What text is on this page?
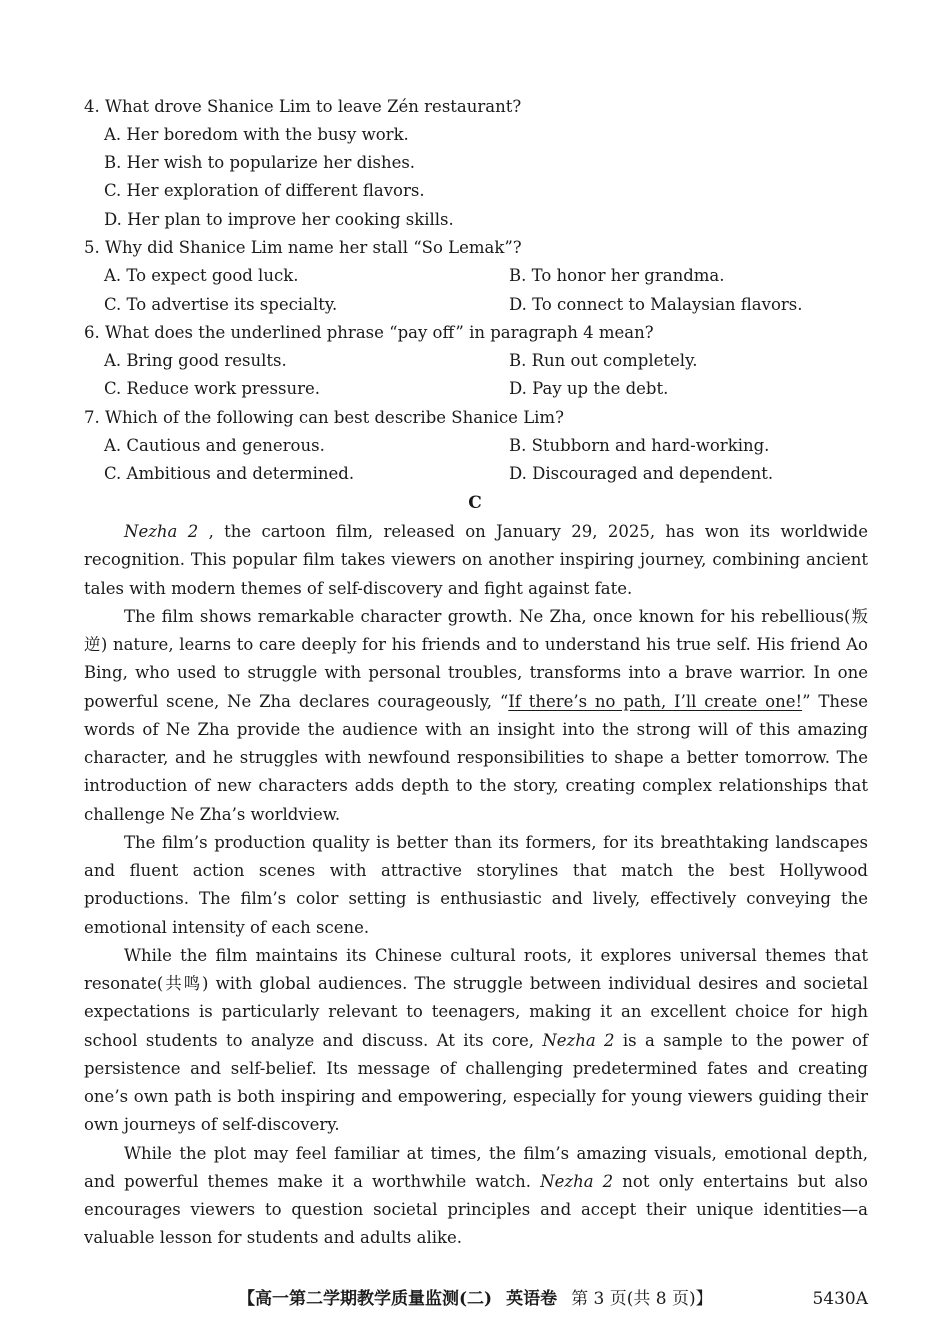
4. What drove Shanice Lim to leave Zén restaurant?
A. Her boredom with the busy work.
B. Her wish to popularize her dishes.
C. Her exploration of different flavors.
D. Her plan to improve her cooking skills.
5. Why did Shanice Lim name her stall “So Lemak”?
A. To expect good luck.	B. To honor her grandma.
C. To advertise its specialty.	D. To connect to Malaysian flavors.
6. What does the underlined phrase “pay off” in paragraph 4 mean?
A. Bring good results.	B. Run out completely.
C. Reduce work pressure.	D. Pay up the debt.
7. Which of the following can best describe Shanice Lim?
A. Cautious and generous.	B. Stubborn and hard-working.
C. Ambitious and determined.	D. Discouraged and dependent.
C

Nezha 2 , the cartoon film, released on January 29, 2025, has won its worldwide recognition. This popular film takes viewers on another inspiring journey, combining ancient tales with modern themes of self-discovery and fight against fate.

The film shows remarkable character growth. Ne Zha, once known for his rebellious(叛逆) nature, learns to care deeply for his friends and to understand his true self. His friend Ao Bing, who used to struggle with personal troubles, transforms into a brave warrior. In one powerful scene, Ne Zha declares courageously, “If there’s no path, I’ll create one!” These words of Ne Zha provide the audience with an insight into the strong will of this amazing character, and he struggles with newfound responsibilities to shape a better tomorrow. The introduction of new characters adds depth to the story, creating complex relationships that challenge Ne Zha’s worldview.

The film’s production quality is better than its formers, for its breathtaking landscapes and fluent action scenes with attractive storylines that match the best Hollywood productions. The film’s color setting is enthusiastic and lively, effectively conveying the emotional intensity of each scene.

While the film maintains its Chinese cultural roots, it explores universal themes that resonate(共鸣) with global audiences. The struggle between individual desires and societal expectations is particularly relevant to teenagers, making it an excellent choice for high school students to analyze and discuss. At its core, Nezha 2 is a sample to the power of persistence and self-belief. Its message of challenging predetermined fates and creating one’s own path is both inspiring and empowering, especially for young viewers guiding their own journeys of self-discovery.

While the plot may feel familiar at times, the film’s amazing visuals, emotional depth, and powerful themes make it a worthwhile watch. Nezha 2 not only entertains but also encourages viewers to question societal principles and accept their unique identities—a valuable lesson for students and adults alike.

【高一第二学期教学质量监测(二) 英语卷 第 3 页(共 8 页)】	5430A
